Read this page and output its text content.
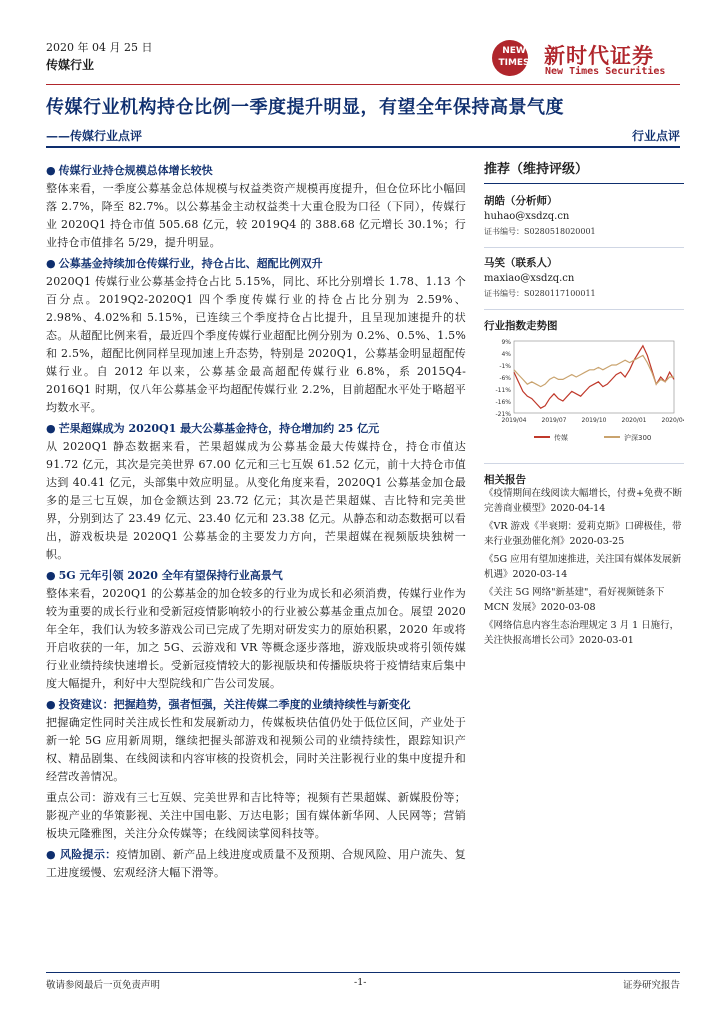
2020 年 04 月 25 日
传媒行业
NEW
TIMES 新时代证券
New Times Securities
传媒行业机构持仓比例一季度提升明显，有望全年保持高景气度
——传媒行业点评	行业点评

● 传媒行业持仓规模总体增长较快

整体来看，一季度公募基金总体规模与权益类资产规模再度提升，但仓位环比小幅回落 2.7%，降至 82.7%。以公募基金主动权益类十大重仓股为口径（下同），传媒行业 2020Q1 持仓市值 505.68 亿元，较 2019Q4 的 388.68 亿元增长 30.1%；行业持仓市值排名 5/29，提升明显。

● 公募基金持续加仓传媒行业，持仓占比、超配比例双升

2020Q1 传媒行业公募基金持仓占比 5.15%，同比、环比分别增长 1.78、1.13 个百分点。2019Q2-2020Q1 四个季度传媒行业的持仓占比分别为 2.59%、2.98%、4.02%和 5.15%，已连续三个季度持仓占比提升，且呈现加速提升的状态。从超配比例来看，最近四个季度传媒行业超配比例分别为 0.2%、0.5%、1.5%和 2.5%，超配比例同样呈现加速上升态势，特别是 2020Q1，公募基金明显超配传媒行业。自 2012 年以来，公募基金最高超配传媒行业 6.8%，系 2015Q4-2016Q1 时期，仅八年公募基金平均超配传媒行业 2.2%，目前超配水平处于略超平均数水平。

● 芒果超媒成为 2020Q1 最大公募基金持仓，持仓增加约 25 亿元

从 2020Q1 静态数据来看，芒果超媒成为公募基金最大传媒持仓，持仓市值达 91.72 亿元，其次是完美世界 67.00 亿元和三七互娱 61.52 亿元，前十大持仓市值达到 40.41 亿元，头部集中效应明显。从变化角度来看，2020Q1 公募基金加仓最多的是三七互娱，加仓金额达到 23.72 亿元；其次是芒果超媒、吉比特和完美世界，分别到达了 23.49 亿元、23.40 亿元和 23.38 亿元。从静态和动态数据可以看出，游戏板块是 2020Q1 公募基金的主要发力方向，芒果超媒在视频版块独树一帜。

● 5G 元年引领 2020 全年有望保持行业高景气

整体来看，2020Q1 的公募基金的加仓较多的行业为成长和必须消费，传媒行业作为较为重要的成长行业和受新冠疫情影响较小的行业被公募基金重点加仓。展望 2020 年全年，我们认为较多游戏公司已完成了先期对研发实力的原始积累，2020 年或将开启收获的一年，加之 5G、云游戏和 VR 等概念逐步落地，游戏版块或将引领传媒行业业绩持续快速增长。受新冠疫情较大的影视版块和传播版块将于疫情结束后集中度大幅提升，利好中大型院线和广告公司发展。

● 投资建议：把握趋势，强者恒强，关注传媒二季度的业绩持续性与新变化

把握确定性同时关注成长性和发展新动力，传媒板块估值仍处于低位区间，产业处于新一轮 5G 应用新周期，继续把握头部游戏和视频公司的业绩持续性，跟踪知识产权、精品剧集、在线阅读和内容审核的投资机会，同时关注影视行业的集中度提升和经营改善情况。

重点公司：游戏有三七互娱、完美世界和吉比特等；视频有芒果超媒、新媒股份等；影视产业的华策影视、关注中国电影、万达电影；国有媒体新华网、人民网等；营销板块元隆雅图，关注分众传媒等；在线阅读掌阅科技等。

● 风险提示：疫情加剧、新产品上线进度或质量不及预期、合规风险、用户流失、复工进度缓慢、宏观经济大幅下滑等。

推荐（维持评级）
胡皓（分析师）
huhao@xsdzq.cn
证书编号：S0280518020001
马笑（联系人）
maxiao@xsdzq.cn
证书编号：S0280117100011
行业指数走势图
9%
4%
-1%
-6%
-11%
-16%
-21%
2019/04	2019/07	2019/10	2020/01	2020/04
传媒	沪深300
相关报告
《疫情期间在线阅读大幅增长，付费+免费不断完善商业模型》2020-04-14
《VR 游戏《半衰期：爱莉克斯》口碑极佳，带来行业强劲催化剂》2020-03-25
《5G 应用有望加速推进，关注国有媒体发展新机遇》2020-03-14
《关注 5G 网络"新基建"，看好视频链条下 MCN 发展》2020-03-08
《网络信息内容生态治理规定 3 月 1 日施行，关注快报高增长公司》2020-03-01
敬请参阅最后一页免责声明	-1-	证券研究报告
